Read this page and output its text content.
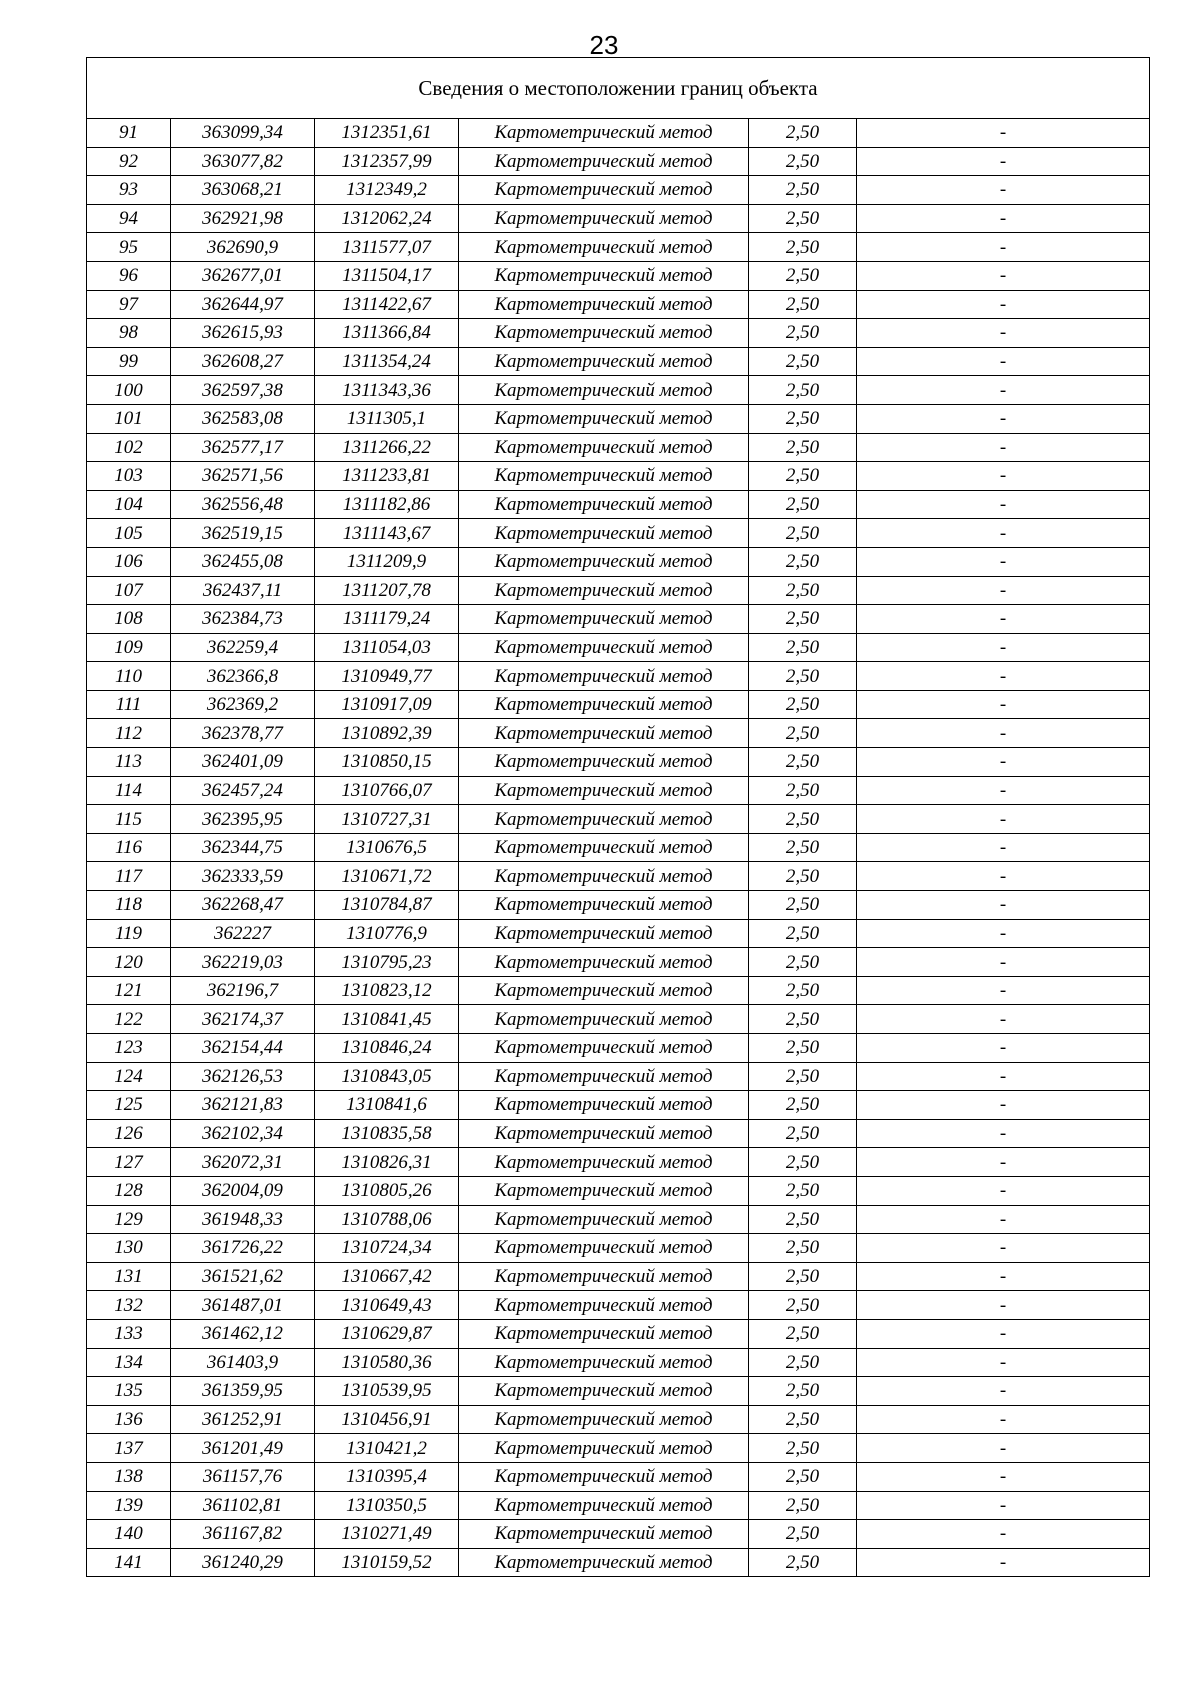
23
Сведения о местоположении границ объекта					
91	363099,34	1312351,61	Картометрический метод	2,50	-
92	363077,82	1312357,99	Картометрический метод	2,50	-
93	363068,21	1312349,2	Картометрический метод	2,50	-
94	362921,98	1312062,24	Картометрический метод	2,50	-
95	362690,9	1311577,07	Картометрический метод	2,50	-
96	362677,01	1311504,17	Картометрический метод	2,50	-
97	362644,97	1311422,67	Картометрический метод	2,50	-
98	362615,93	1311366,84	Картометрический метод	2,50	-
99	362608,27	1311354,24	Картометрический метод	2,50	-
100	362597,38	1311343,36	Картометрический метод	2,50	-
101	362583,08	1311305,1	Картометрический метод	2,50	-
102	362577,17	1311266,22	Картометрический метод	2,50	-
103	362571,56	1311233,81	Картометрический метод	2,50	-
104	362556,48	1311182,86	Картометрический метод	2,50	-
105	362519,15	1311143,67	Картометрический метод	2,50	-
106	362455,08	1311209,9	Картометрический метод	2,50	-
107	362437,11	1311207,78	Картометрический метод	2,50	-
108	362384,73	1311179,24	Картометрический метод	2,50	-
109	362259,4	1311054,03	Картометрический метод	2,50	-
110	362366,8	1310949,77	Картометрический метод	2,50	-
111	362369,2	1310917,09	Картометрический метод	2,50	-
112	362378,77	1310892,39	Картометрический метод	2,50	-
113	362401,09	1310850,15	Картометрический метод	2,50	-
114	362457,24	1310766,07	Картометрический метод	2,50	-
115	362395,95	1310727,31	Картометрический метод	2,50	-
116	362344,75	1310676,5	Картометрический метод	2,50	-
117	362333,59	1310671,72	Картометрический метод	2,50	-
118	362268,47	1310784,87	Картометрический метод	2,50	-
119	362227	1310776,9	Картометрический метод	2,50	-
120	362219,03	1310795,23	Картометрический метод	2,50	-
121	362196,7	1310823,12	Картометрический метод	2,50	-
122	362174,37	1310841,45	Картометрический метод	2,50	-
123	362154,44	1310846,24	Картометрический метод	2,50	-
124	362126,53	1310843,05	Картометрический метод	2,50	-
125	362121,83	1310841,6	Картометрический метод	2,50	-
126	362102,34	1310835,58	Картометрический метод	2,50	-
127	362072,31	1310826,31	Картометрический метод	2,50	-
128	362004,09	1310805,26	Картометрический метод	2,50	-
129	361948,33	1310788,06	Картометрический метод	2,50	-
130	361726,22	1310724,34	Картометрический метод	2,50	-
131	361521,62	1310667,42	Картометрический метод	2,50	-
132	361487,01	1310649,43	Картометрический метод	2,50	-
133	361462,12	1310629,87	Картометрический метод	2,50	-
134	361403,9	1310580,36	Картометрический метод	2,50	-
135	361359,95	1310539,95	Картометрический метод	2,50	-
136	361252,91	1310456,91	Картометрический метод	2,50	-
137	361201,49	1310421,2	Картометрический метод	2,50	-
138	361157,76	1310395,4	Картометрический метод	2,50	-
139	361102,81	1310350,5	Картометрический метод	2,50	-
140	361167,82	1310271,49	Картометрический метод	2,50	-
141	361240,29	1310159,52	Картометрический метод	2,50	-
